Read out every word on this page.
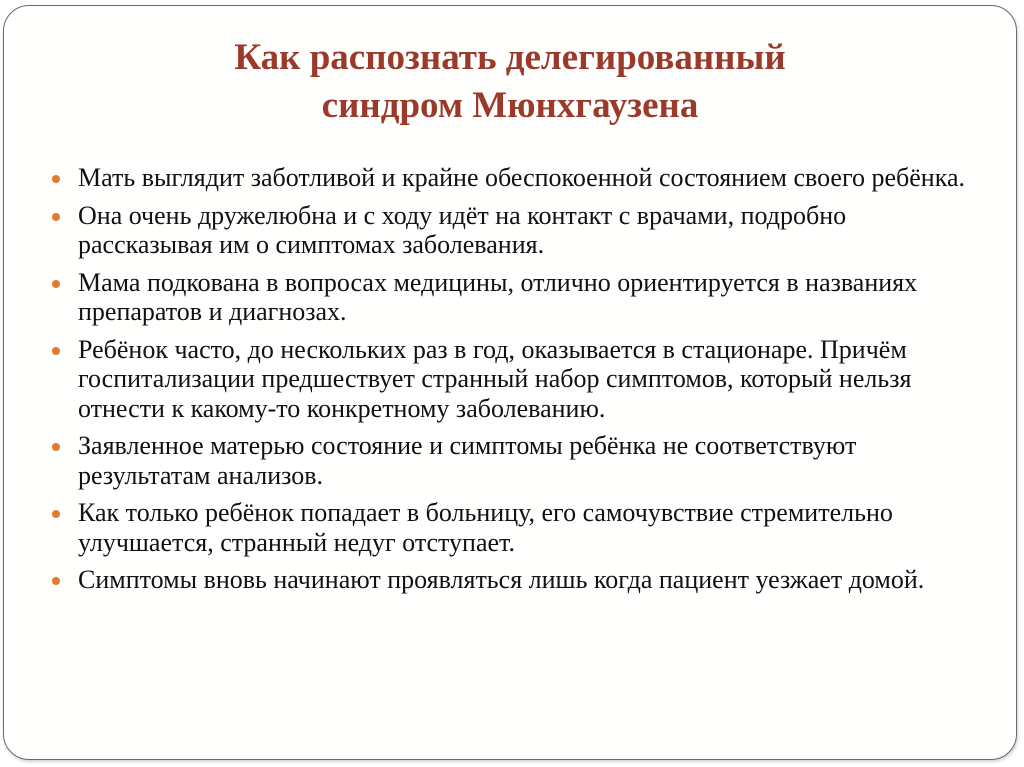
Как распознать делегированный
синдром Мюнхгаузена
Мать выглядит заботливой и крайне обеспокоенной состоянием своего ребёнка.
Она очень дружелюбна и с ходу идёт на контакт с врачами, подробно рассказывая им о симптомах заболевания.
Мама подкована в вопросах медицины, отлично ориентируется в названиях препаратов и диагнозах.
Ребёнок часто, до нескольких раз в год, оказывается в стационаре. Причём госпитализации предшествует странный набор симптомов, который нельзя отнести к какому-то конкретному заболеванию.
Заявленное матерью состояние и симптомы ребёнка не соответствуют результатам анализов.
Как только ребёнок попадает в больницу, его самочувствие стремительно улучшается, странный недуг отступает.
Симптомы вновь начинают проявляться лишь когда пациент уезжает домой.
